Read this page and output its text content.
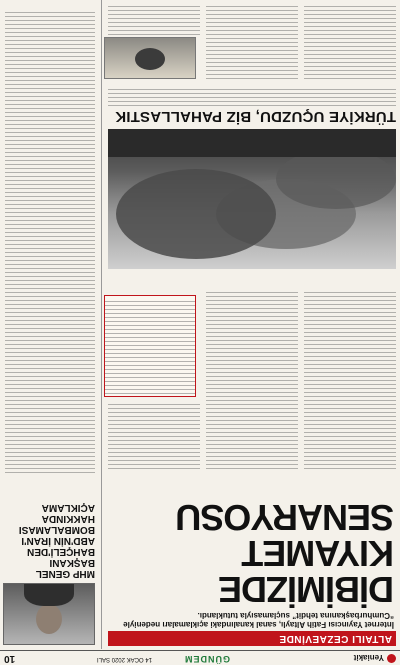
Yeniakit
GÜNDEM
14 OCAK 2020 SALI
10
ALTAILI CEZAEVİNDE
İnternet Yayıncısı Fatih Altaylı, sanal kanalındaki açıklamaları nedeniyle “Cumhurbaşkanına tehdit” suçlamasıyla tutuklandı.
DİBİMİZDE
KIYAMET
SENARYOSU
TÜRKİYE UÇUZDU, BİZ PAHALLASTIK
MHP GENEL BAŞKANI BAHÇELİ'DEN ABD'NİN İRAN'I BOMBALAMASI HAKKINDA AÇIKLAMA
